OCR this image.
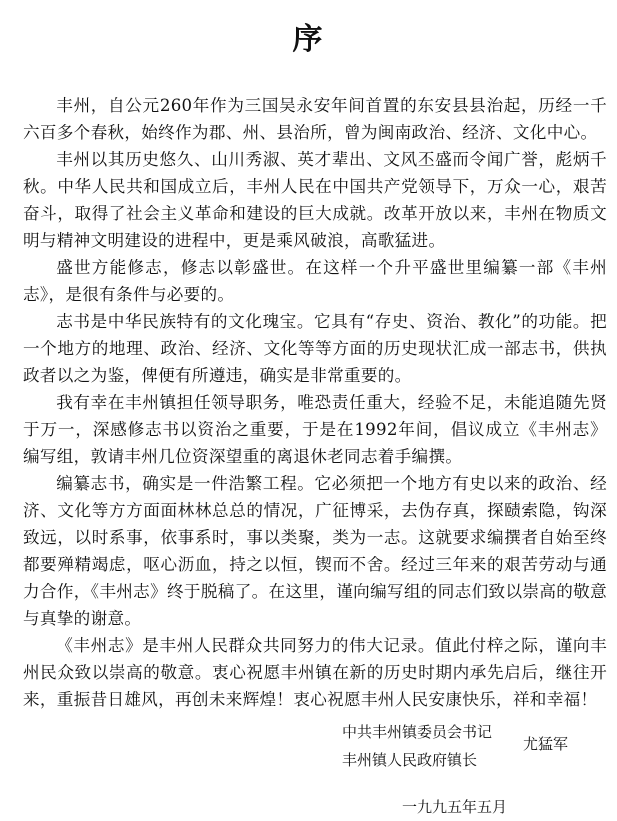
序

丰州，自公元260年作为三国吴永安年间首置的东安县县治起，历经一千六百多个春秋，始终作为郡、州、县治所，曾为闽南政治、经济、文化中心。

丰州以其历史悠久、山川秀淑、英才辈出、文风丕盛而令闻广誉，彪炳千秋。中华人民共和国成立后，丰州人民在中国共产党领导下，万众一心，艰苦奋斗，取得了社会主义革命和建设的巨大成就。改革开放以来，丰州在物质文明与精神文明建设的进程中，更是乘风破浪，高歌猛进。

盛世方能修志，修志以彰盛世。在这样一个升平盛世里编纂一部《丰州志》，是很有条件与必要的。

志书是中华民族特有的文化瑰宝。它具有“存史、资治、教化”的功能。把一个地方的地理、政治、经济、文化等等方面的历史现状汇成一部志书，供执政者以之为鉴，俾便有所遵违，确实是非常重要的。

我有幸在丰州镇担任领导职务，唯恐责任重大，经验不足，未能追随先贤于万一，深感修志书以资治之重要，于是在1992年间，倡议成立《丰州志》编写组，敦请丰州几位资深望重的离退休老同志着手编撰。

编纂志书，确实是一件浩繁工程。它必须把一个地方有史以来的政治、经济、文化等方方面面林林总总的情况，广征博采，去伪存真，探赜索隐，钩深致远，以时系事，依事系时，事以类聚，类为一志。这就要求编撰者自始至终都要殚精竭虑，呕心沥血，持之以恒，锲而不舍。经过三年来的艰苦劳动与通力合作，《丰州志》终于脱稿了。在这里，谨向编写组的同志们致以崇高的敬意与真挚的谢意。

《丰州志》是丰州人民群众共同努力的伟大记录。值此付梓之际，谨向丰州民众致以崇高的敬意。衷心祝愿丰州镇在新的历史时期内承先启后，继往开来，重振昔日雄风，再创未来辉煌！衷心祝愿丰州人民安康快乐，祥和幸福！

中共丰州镇委员会书记
丰州镇人民政府镇长
尤猛军
一九九五年五月
